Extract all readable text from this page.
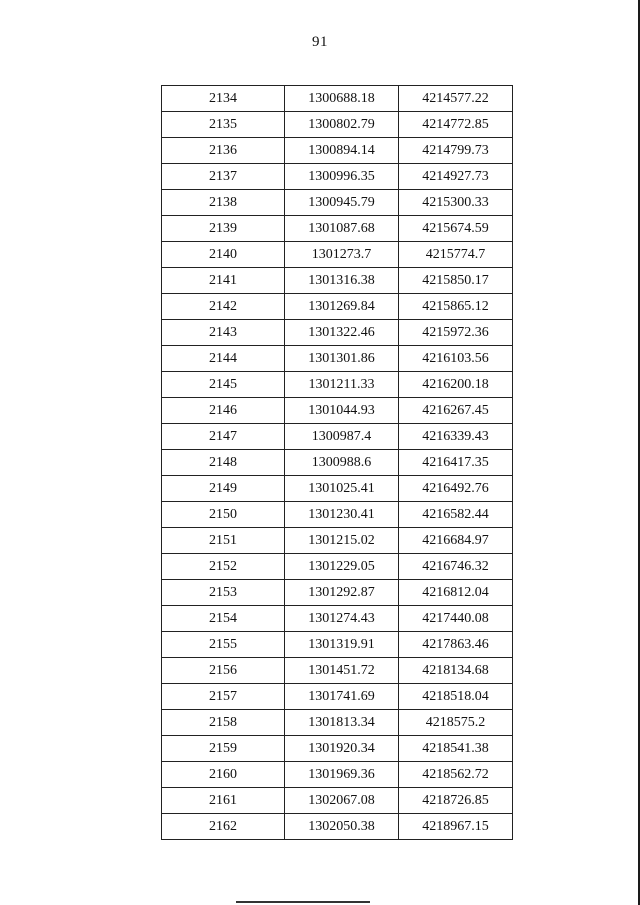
91
2134	1300688.18	4214577.22
2135	1300802.79	4214772.85
2136	1300894.14	4214799.73
2137	1300996.35	4214927.73
2138	1300945.79	4215300.33
2139	1301087.68	4215674.59
2140	1301273.7	4215774.7
2141	1301316.38	4215850.17
2142	1301269.84	4215865.12
2143	1301322.46	4215972.36
2144	1301301.86	4216103.56
2145	1301211.33	4216200.18
2146	1301044.93	4216267.45
2147	1300987.4	4216339.43
2148	1300988.6	4216417.35
2149	1301025.41	4216492.76
2150	1301230.41	4216582.44
2151	1301215.02	4216684.97
2152	1301229.05	4216746.32
2153	1301292.87	4216812.04
2154	1301274.43	4217440.08
2155	1301319.91	4217863.46
2156	1301451.72	4218134.68
2157	1301741.69	4218518.04
2158	1301813.34	4218575.2
2159	1301920.34	4218541.38
2160	1301969.36	4218562.72
2161	1302067.08	4218726.85
2162	1302050.38	4218967.15
